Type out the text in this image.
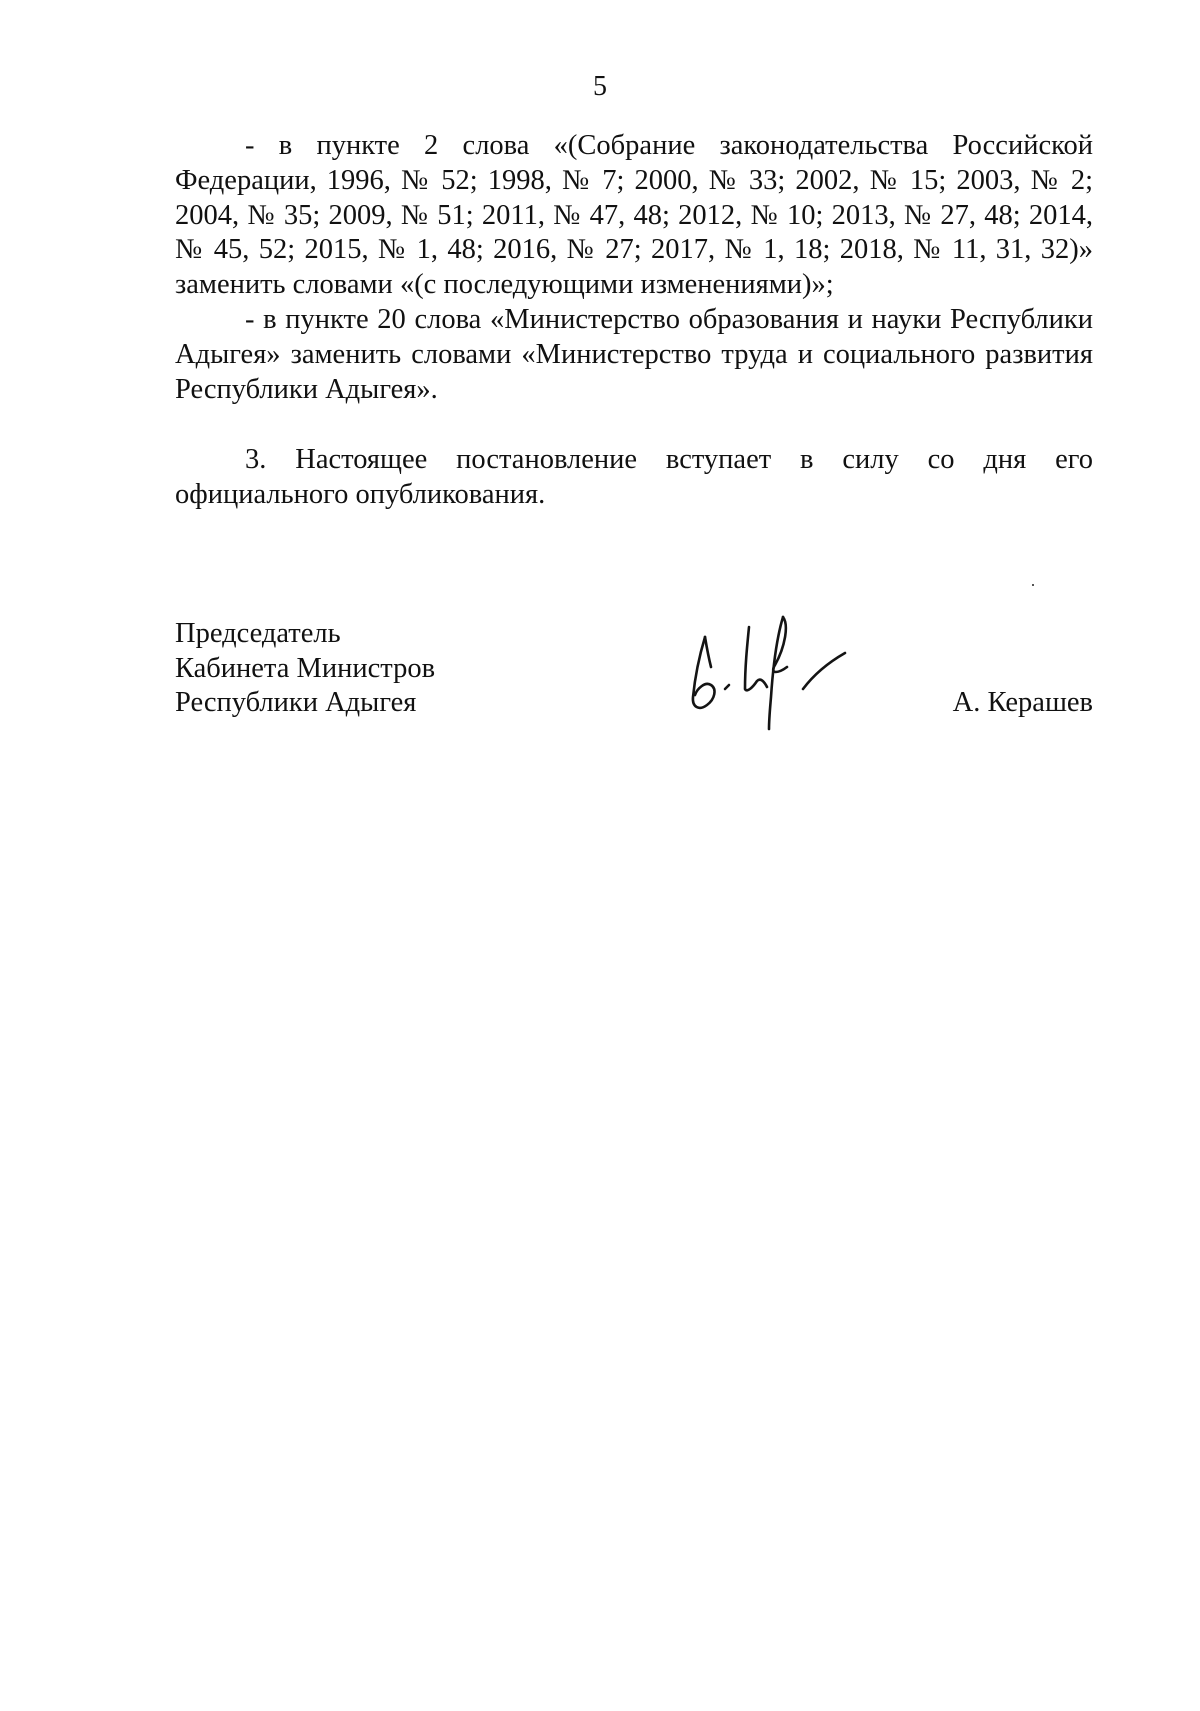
5

- в пункте 2 слова «(Собрание законодательства Российской Федерации, 1996, № 52; 1998, № 7; 2000, № 33; 2002, № 15; 2003, № 2; 2004, № 35; 2009, № 51; 2011, № 47, 48; 2012, № 10; 2013, № 27, 48; 2014, № 45, 52; 2015, № 1, 48; 2016, № 27; 2017, № 1, 18; 2018, № 11, 31, 32)» заменить словами «(с последующими изменениями)»;

- в пункте 20 слова «Министерство образования и науки Республики Адыгея» заменить словами «Министерство труда и социального развития Республики Адыгея».

3. Настоящее постановление вступает в силу со дня его официального опубликования.

Председатель
Кабинета Министров
Республики Адыгея	А. Керашев
